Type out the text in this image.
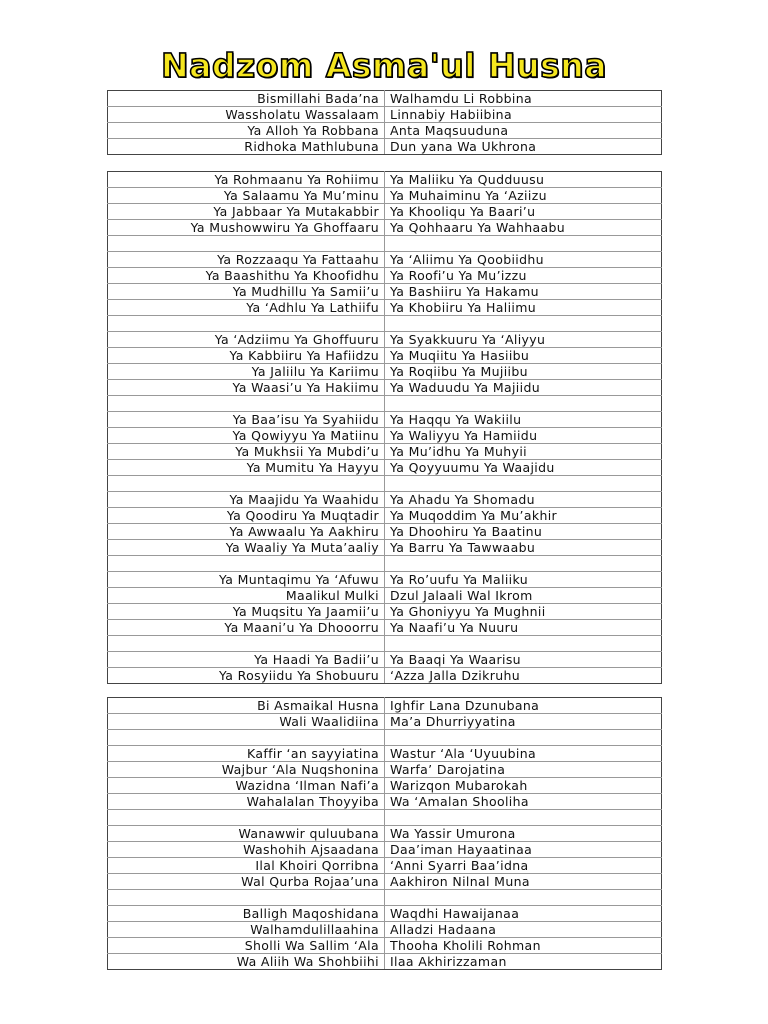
Nadzom Asma'ul Husna
Bismillahi Bada’na	Walhamdu Li Robbina
Wassholatu Wassalaam	Linnabiy Habiibina
Ya Alloh Ya Robbana	Anta Maqsuuduna
Ridhoka Mathlubuna	Dun yana Wa Ukhrona
Ya Rohmaanu Ya Rohiimu	Ya Maliiku Ya Qudduusu
Ya Salaamu Ya Mu’minu	Ya Muhaiminu Ya ‘Aziizu
Ya Jabbaar Ya Mutakabbir	Ya Khooliqu Ya Baari’u
Ya Mushowwiru Ya Ghoffaaru	Ya Qohhaaru Ya Wahhaabu

Ya Rozzaaqu Ya Fattaahu	Ya ‘Aliimu Ya Qoobiidhu
Ya Baashithu Ya Khoofidhu	Ya Roofi’u Ya Mu’izzu
Ya Mudhillu Ya Samii’u	Ya Bashiiru Ya Hakamu
Ya ‘Adhlu Ya Lathiifu	Ya Khobiiru Ya Haliimu

Ya ‘Adziimu Ya Ghoffuuru	Ya Syakkuuru Ya ‘Aliyyu
Ya Kabbiiru Ya Hafiidzu	Ya Muqiitu Ya Hasiibu
Ya Jaliilu Ya Kariimu	Ya Roqiibu Ya Mujiibu
Ya Waasi’u Ya Hakiimu	Ya Waduudu Ya Majiidu

Ya Baa’isu Ya Syahiidu	Ya Haqqu Ya Wakiilu
Ya Qowiyyu Ya Matiinu	Ya Waliyyu Ya Hamiidu
Ya Mukhsii Ya Mubdi’u	Ya Mu’idhu Ya Muhyii
Ya Mumitu Ya Hayyu	Ya Qoyyuumu Ya Waajidu

Ya Maajidu Ya Waahidu	Ya Ahadu Ya Shomadu
Ya Qoodiru Ya Muqtadir	Ya Muqoddim Ya Mu’akhir
Ya Awwaalu Ya Aakhiru	Ya Dhoohiru Ya Baatinu
Ya Waaliy Ya Muta’aaliy	Ya Barru Ya Tawwaabu

Ya Muntaqimu Ya ‘Afuwu	Ya Ro’uufu Ya Maliiku
Maalikul Mulki	Dzul Jalaali Wal Ikrom
Ya Muqsitu Ya Jaamii’u	Ya Ghoniyyu Ya Mughnii
Ya Maani’u Ya Dhooorru	Ya Naafi’u Ya Nuuru

Ya Haadi Ya Badii’u	Ya Baaqi Ya Waarisu
Ya Rosyiidu Ya Shobuuru	‘Azza Jalla Dzikruhu
Bi Asmaikal Husna	Ighfir Lana Dzunubana
Wali Waalidiina	Ma’a Dhurriyyatina

Kaffir ‘an sayyiatina	Wastur ‘Ala ‘Uyuubina
Wajbur ‘Ala Nuqshonina	Warfa’ Darojatina
Wazidna ‘Ilman Nafi’a	Warizqon Mubarokah
Wahalalan Thoyyiba	Wa ‘Amalan Shooliha

Wanawwir quluubana	Wa Yassir Umurona
Washohih Ajsaadana	Daa’iman Hayaatinaa
Ilal Khoiri Qorribna	‘Anni Syarri Baa’idna
Wal Qurba Rojaa’una	Aakhiron Nilnal Muna

Balligh Maqoshidana	Waqdhi Hawaijanaa
Walhamdulillaahina	Alladzi Hadaana
Sholli Wa Sallim ‘Ala	Thooha Kholili Rohman
Wa Aliih Wa Shohbiihi	Ilaa Akhirizzaman
